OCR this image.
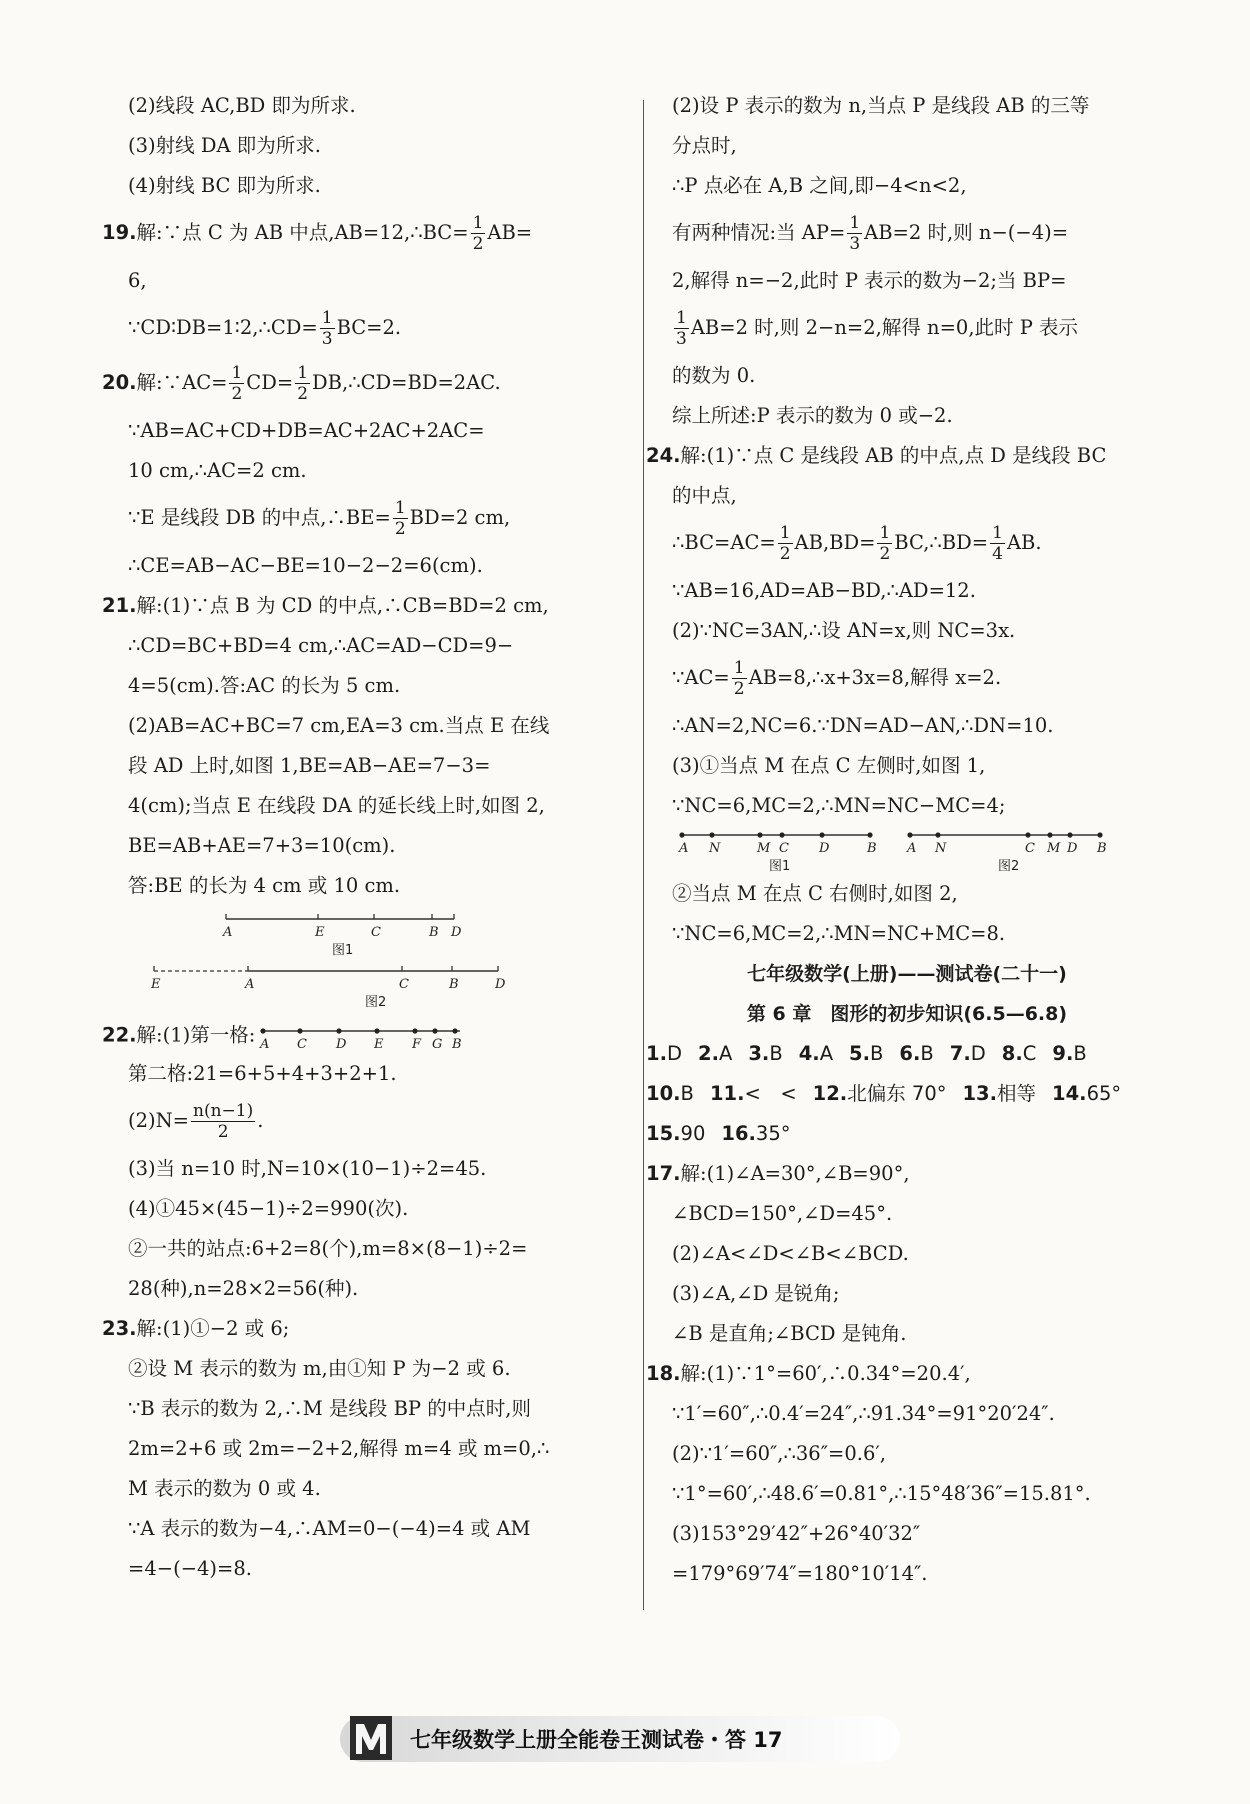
(2)线段 AC,BD 即为所求.
(3)射线 DA 即为所求.
(4)射线 BC 即为所求.
19.解:∵点 C 为 AB 中点,AB=12,∴BC= $\frac{1}{2} AB=$
6,
∵CD∶DB=1∶2,∴CD= $\frac{1}{3} BC=2$.
20.解:∵AC= $\frac{1}{2} CD= \frac{1}{2}$ DB,∴CD=BD=2AC.
∵AB=AC+CD+DB=AC+2AC+2AC=
10 cm,∴AC=2 cm.
∵E 是线段 DB 的中点,∴BE= $\frac{1}{2} BD=2$ cm,
∴CE=AB−AC−BE=10−2−2=6(cm).
21.解:(1)∵点 B 为 CD 的中点,∴CB=BD=2 cm,
∴CD=BC+BD=4 cm,∴AC=AD−CD=9−
4=5(cm).答:AC 的长为 5 cm.
(2)AB=AC+BC=7 cm,EA=3 cm.当点 E 在线
段 AD 上时,如图 1,BE=AB−AE=7−3=
4(cm);当点 E 在线段 DA 的延长线上时,如图 2,
BE=AB+AE=7+3=10(cm).
答:BE 的长为 4 cm 或 10 cm.
A	E	C	B D
图1
E	A	C	B	D
图2
22.解:(1)第一格: A C D E F G B
第二格:21=6+5+4+3+2+1.
$(2)N= \frac{n(n-1)}{2}$ .
(3)当 n=10 时,N=10×(10−1)÷2=45.
(4)①45×(45−1)÷2=990(次).
②一共的站点:6+2=8(个),m=8×(8−1)÷2=
28(种),n=28×2=56(种).
23.解:(1)①−2 或 6;
②设 M 表示的数为 m,由①知 P 为−2 或 6.
∵B 表示的数为 2,∴M 是线段 BP 的中点时,则
2m=2+6 或 2m=−2+2,解得 m=4 或 m=0,∴
M 表示的数为 0 或 4.
∵A 表示的数为−4,∴AM=0−(−4)=4 或 AM
=4−(−4)=8.
(2)设 P 表示的数为 n,当点 P 是线段 AB 的三等
分点时,
∴P 点必在 A,B 之间,即−4<n<2,
有两种情况:当 $AP= \frac{1}{3} AB=2$ 时,则 n−(−4)=
2,解得 n=−2,此时 P 表示的数为−2;当 BP=
$\frac{1}{3} AB=2$ 时,则 2−n=2,解得 n=0,此时 P 表示
的数为 0.
综上所述:P 表示的数为 0 或−2.
24.解:(1)∵点 C 是线段 AB 的中点,点 D 是线段 BC
的中点,
∴BC=AC= $\frac{1}{2} AB,BD= \frac{1}{2}$ BC,∴BD= $\frac{1}{4}$ AB.
∵AB=16,AD=AB−BD,∴AD=12.
(2)∵NC=3AN,∴设 AN=x,则 NC=3x.
∵AC= $\frac{1}{2}$ AB=8,∴x+3x=8,解得 x=2.
∴AN=2,NC=6.∵DN=AD−AN,∴DN=10.
(3)①当点 M 在点 C 左侧时,如图 1,
∵NC=6,MC=2,∴MN=NC−MC=4;
A N	M C D	B
图1
A N	C M D B
图2
②当点 M 在点 C 右侧时,如图 2,
∵NC=6,MC=2,∴MN=NC+MC=8.
七年级数学(上册)——测试卷(二十一)
第 6 章　图形的初步知识(6.5—6.8)
1.D 2.A 3.B 4.A 5.B 6.B 7.D 8.C 9.B
10.B 11.<　< 12.北偏东 70° 13.相等 14.65°
15.90 16.35°
17.解:(1)∠A=30°,∠B=90°,
∠BCD=150°,∠D=45°.
(2)∠A<∠D<∠B<∠BCD.
(3)∠A,∠D 是锐角;
∠B 是直角;∠BCD 是钝角.
18.解:(1)∵1°=60′,∴0.34°=20.4′,
∵1′=60″,∴0.4′=24″,∴91.34°=91°20′24″.
(2)∵1′=60″,∴36″=0.6′,
∵1°=60′,∴48.6′=0.81°,∴15°48′36″=15.81°.
(3)153°29′42″+26°40′32″
=179°69′74″=180°10′14″.
七年级数学上册全能卷王测试卷・答 17
